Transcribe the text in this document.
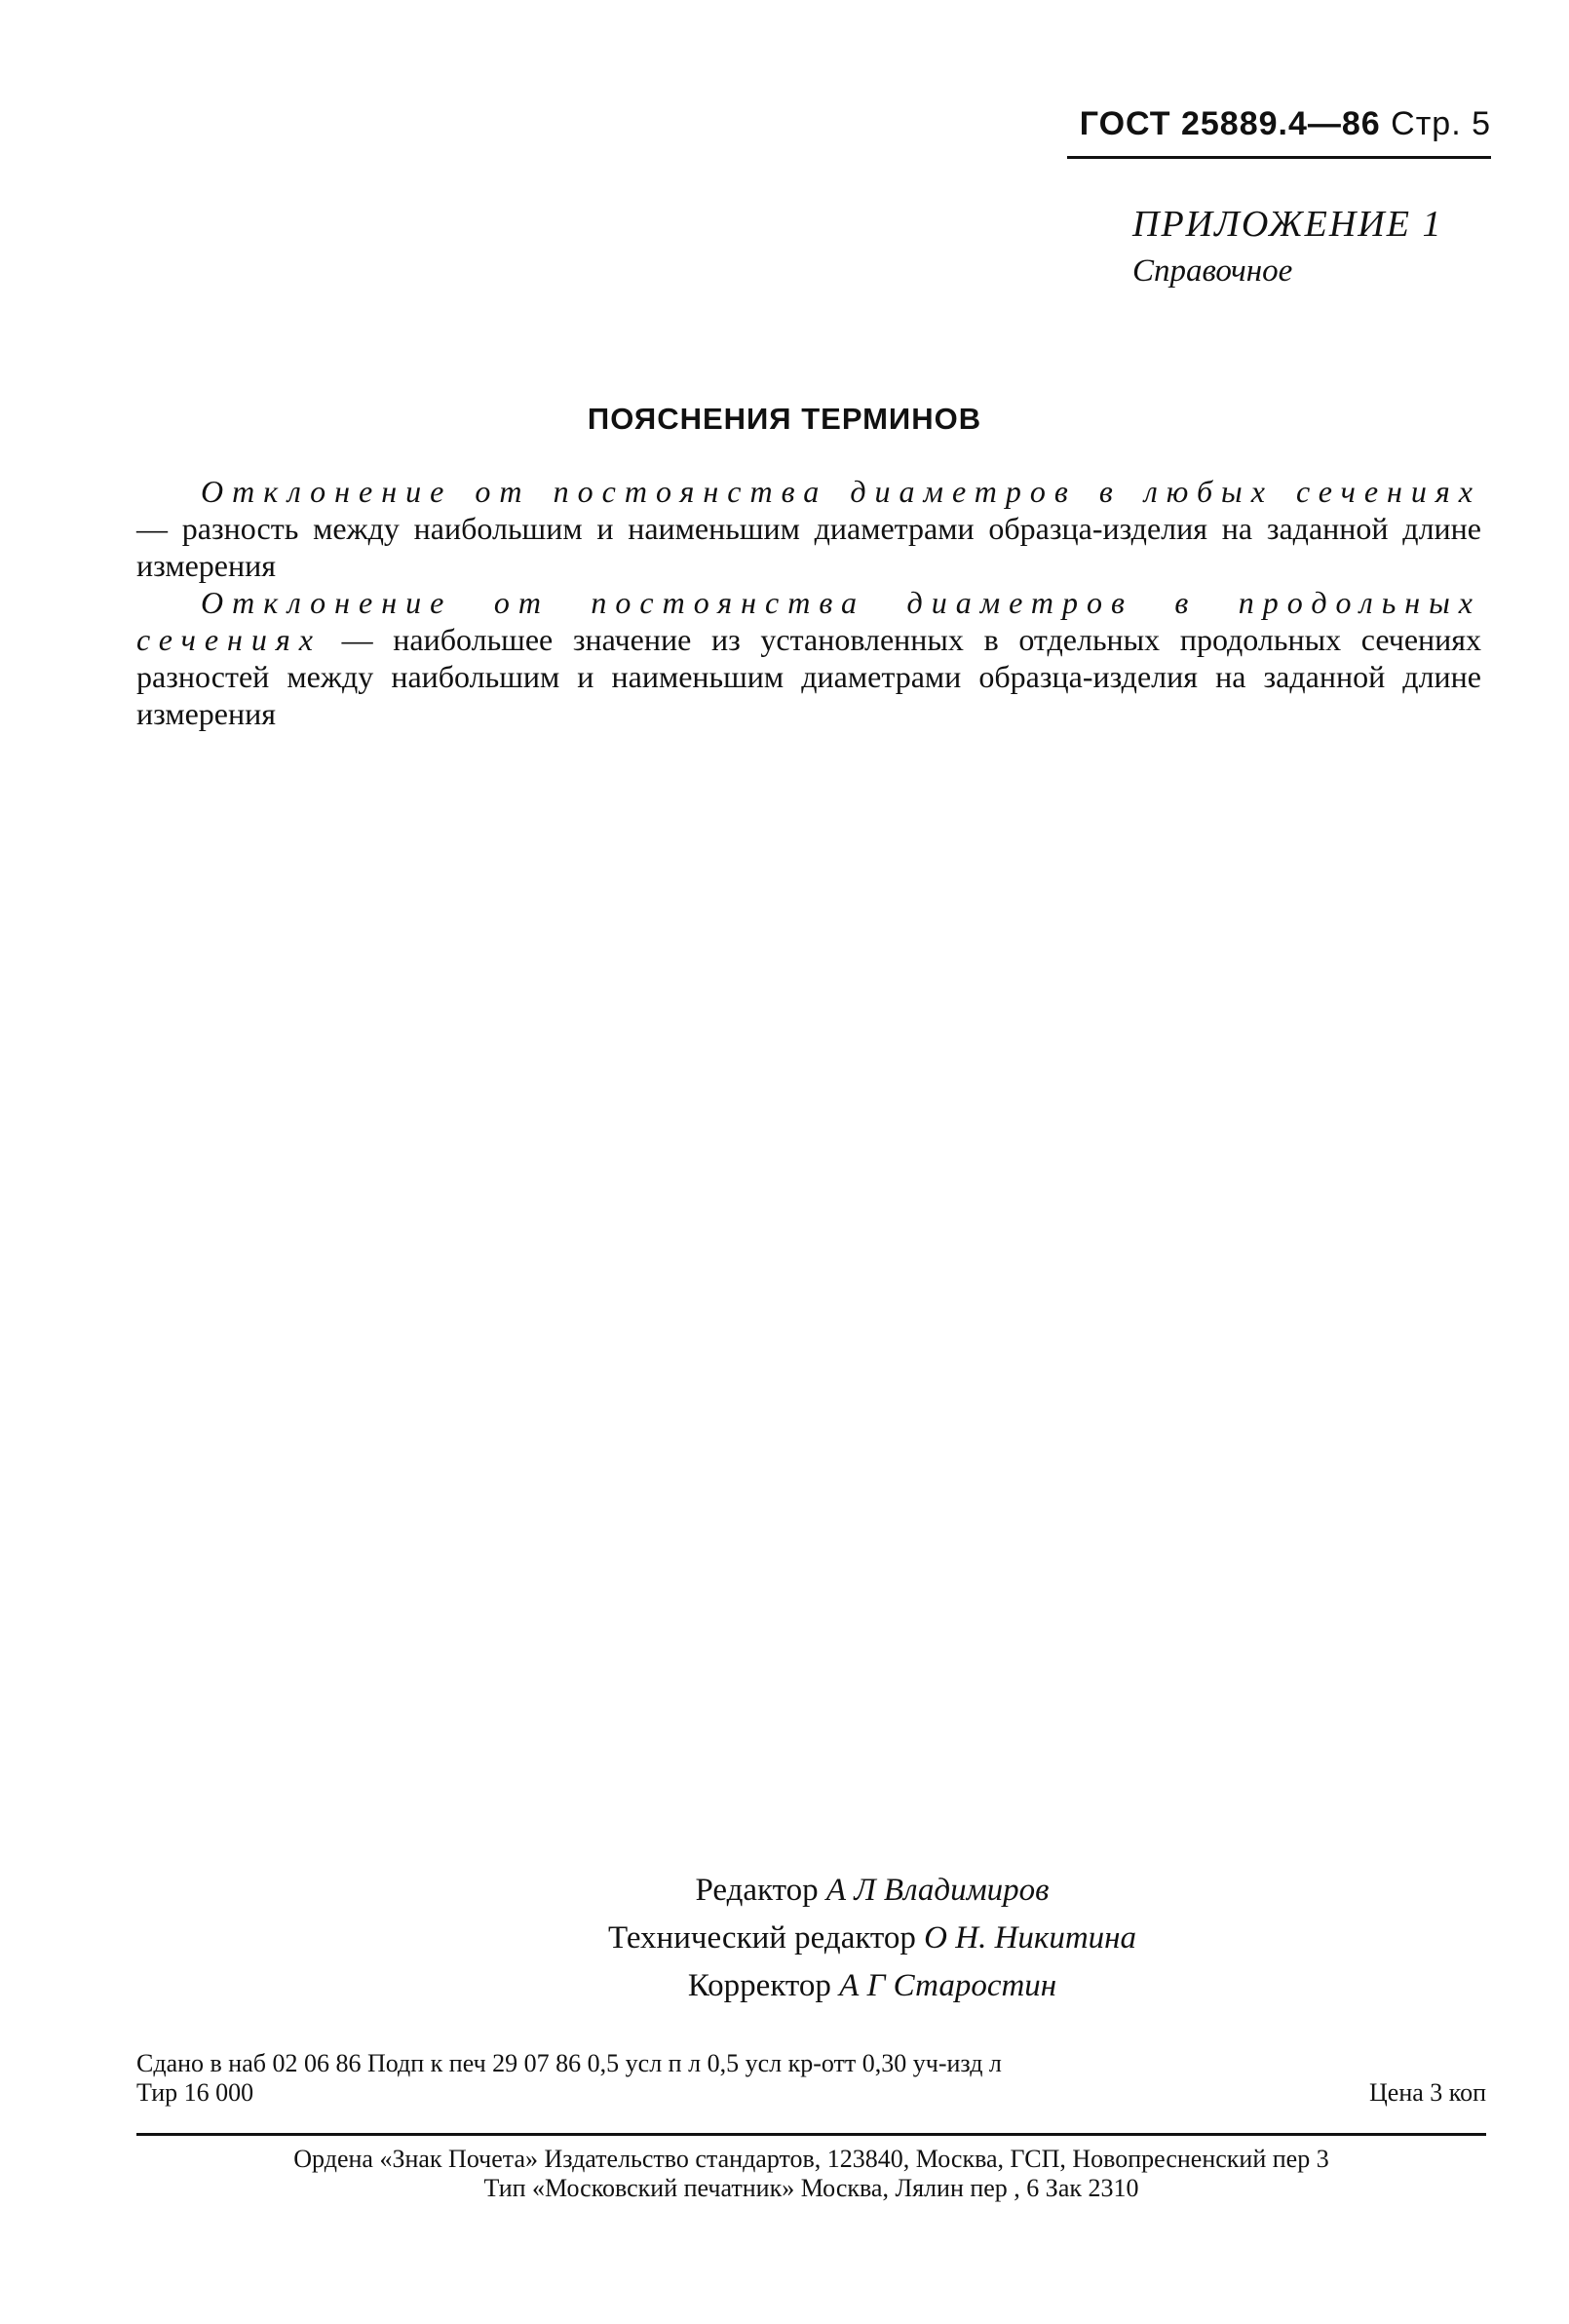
ГОСТ 25889.4—86 Стр. 5
ПРИЛОЖЕНИЕ 1
Справочное
ПОЯСНЕНИЯ ТЕРМИНОВ

Отклонение от постоянства диаметров в любых сечениях — разность между наибольшим и наименьшим диаметрами образца-изделия на заданной длине измерения

Отклонение от постоянства диаметров в продольных сечениях — наибольшее значение из установленных в отдельных продольных сечениях разностей между наибольшим и наименьшим диаметрами образца-изделия на заданной длине измерения

Редактор А Л Владимиров
Технический редактор О Н. Никитина
Корректор А Г Старостин
Сдано в наб 02 06 86 Подп к печ 29 07 86 0,5 усл п л 0,5 усл кр-отт 0,30 уч-изд л
Тир 16 000	Цена 3 коп
Ордена «Знак Почета» Издательство стандартов, 123840, Москва, ГСП, Новопресненский пер 3
Тип «Московский печатник» Москва, Лялин пер , 6 Зак 2310
